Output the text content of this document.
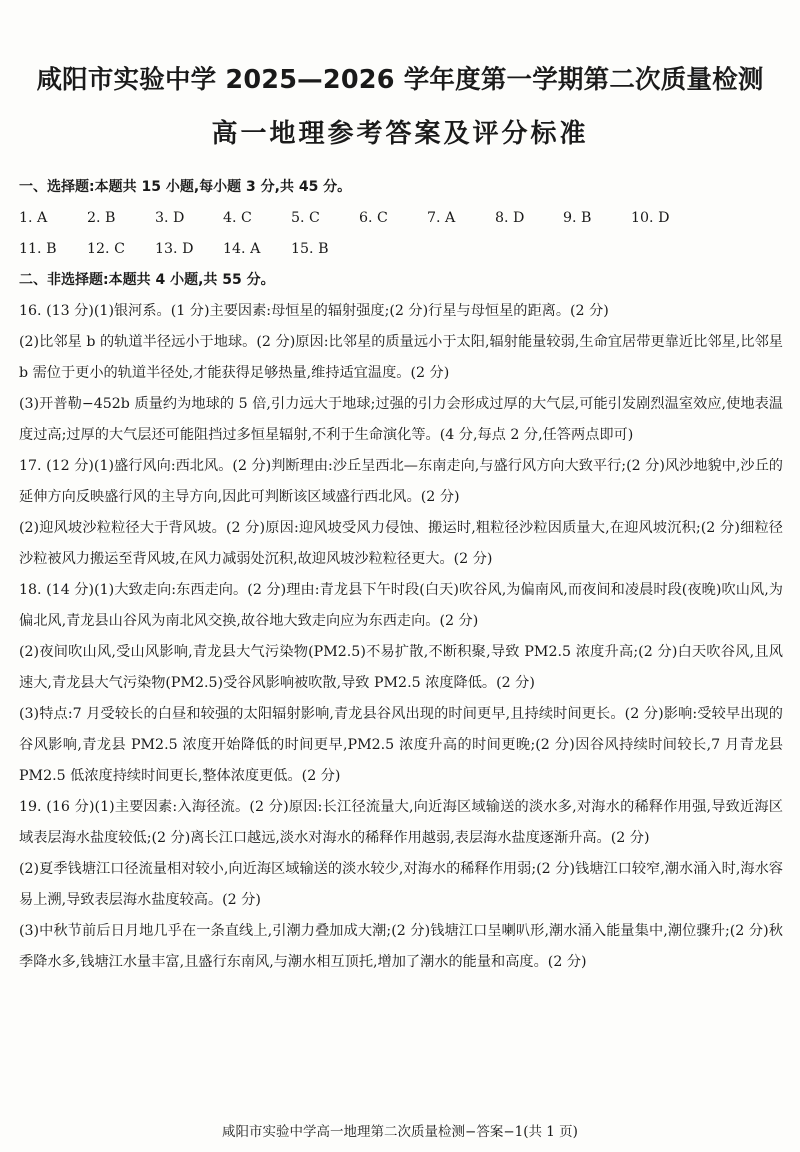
咸阳市实验中学 2025—2026 学年度第一学期第二次质量检测
高一地理参考答案及评分标准
一、选择题:本题共 15 小题,每小题 3 分,共 45 分。
1. A	2. B	3. D	4. C	5. C	6. C	7. A	8. D	9. B	10. D
11. B 12. C 13. D 14. A 15. B
二、非选择题:本题共 4 小题,共 55 分。
16. (13 分)(1)银河系。(1 分)主要因素:母恒星的辐射强度;(2 分)行星与母恒星的距离。(2 分)
(2)比邻星 b 的轨道半径远小于地球。(2 分)原因:比邻星的质量远小于太阳,辐射能量较弱,生命宜居带更靠近比邻星,比邻星 b 需位于更小的轨道半径处,才能获得足够热量,维持适宜温度。(2 分)
(3)开普勒−452b 质量约为地球的 5 倍,引力远大于地球;过强的引力会形成过厚的大气层,可能引发剧烈温室效应,使地表温度过高;过厚的大气层还可能阻挡过多恒星辐射,不利于生命演化等。(4 分,每点 2 分,任答两点即可)
17. (12 分)(1)盛行风向:西北风。(2 分)判断理由:沙丘呈西北—东南走向,与盛行风方向大致平行;(2 分)风沙地貌中,沙丘的延伸方向反映盛行风的主导方向,因此可判断该区域盛行西北风。(2 分)
(2)迎风坡沙粒粒径大于背风坡。(2 分)原因:迎风坡受风力侵蚀、搬运时,粗粒径沙粒因质量大,在迎风坡沉积;(2 分)细粒径沙粒被风力搬运至背风坡,在风力减弱处沉积,故迎风坡沙粒粒径更大。(2 分)
18. (14 分)(1)大致走向:东西走向。(2 分)理由:青龙县下午时段(白天)吹谷风,为偏南风,而夜间和凌晨时段(夜晚)吹山风,为偏北风,青龙县山谷风为南北风交换,故谷地大致走向应为东西走向。(2 分)
(2)夜间吹山风,受山风影响,青龙县大气污染物(PM2.5)不易扩散,不断积聚,导致 PM2.5 浓度升高;(2 分)白天吹谷风,且风速大,青龙县大气污染物(PM2.5)受谷风影响被吹散,导致 PM2.5 浓度降低。(2 分)
(3)特点:7 月受较长的白昼和较强的太阳辐射影响,青龙县谷风出现的时间更早,且持续时间更长。(2 分)影响:受较早出现的谷风影响,青龙县 PM2.5 浓度开始降低的时间更早,PM2.5 浓度升高的时间更晚;(2 分)因谷风持续时间较长,7 月青龙县 PM2.5 低浓度持续时间更长,整体浓度更低。(2 分)
19. (16 分)(1)主要因素:入海径流。(2 分)原因:长江径流量大,向近海区域输送的淡水多,对海水的稀释作用强,导致近海区域表层海水盐度较低;(2 分)离长江口越远,淡水对海水的稀释作用越弱,表层海水盐度逐渐升高。(2 分)
(2)夏季钱塘江口径流量相对较小,向近海区域输送的淡水较少,对海水的稀释作用弱;(2 分)钱塘江口较窄,潮水涌入时,海水容易上溯,导致表层海水盐度较高。(2 分)
(3)中秋节前后日月地几乎在一条直线上,引潮力叠加成大潮;(2 分)钱塘江口呈喇叭形,潮水涌入能量集中,潮位骤升;(2 分)秋季降水多,钱塘江水量丰富,且盛行东南风,与潮水相互顶托,增加了潮水的能量和高度。(2 分)
咸阳市实验中学高一地理第二次质量检测−答案−1(共 1 页)
